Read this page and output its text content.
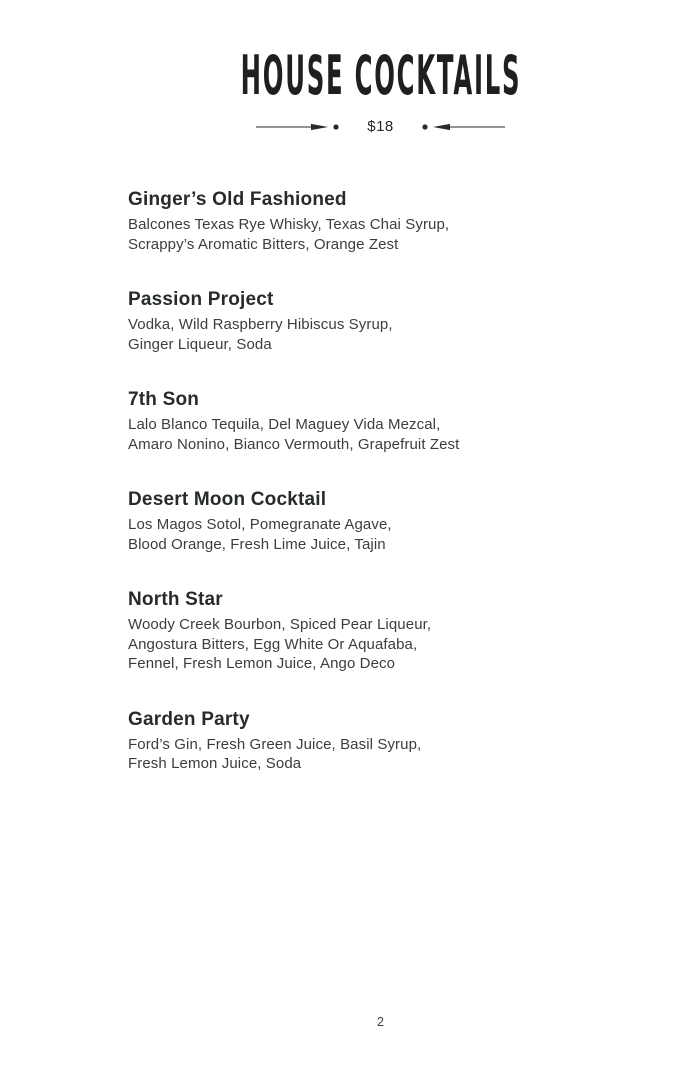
HOUSE COCKTAILS
$18
Ginger’s Old Fashioned
Balcones Texas Rye Whisky, Texas Chai Syrup,
Scrappy’s Aromatic Bitters, Orange Zest
Passion Project
Vodka, Wild Raspberry Hibiscus Syrup,
Ginger Liqueur, Soda
7th Son
Lalo Blanco Tequila, Del Maguey Vida Mezcal,
Amaro Nonino, Bianco Vermouth, Grapefruit Zest
Desert Moon Cocktail
Los Magos Sotol, Pomegranate Agave,
Blood Orange, Fresh Lime Juice, Tajin
North Star
Woody Creek Bourbon, Spiced Pear Liqueur,
Angostura Bitters, Egg White Or Aquafaba,
Fennel, Fresh Lemon Juice, Ango Deco
Garden Party
Ford’s Gin, Fresh Green Juice, Basil Syrup,
Fresh Lemon Juice, Soda
2
